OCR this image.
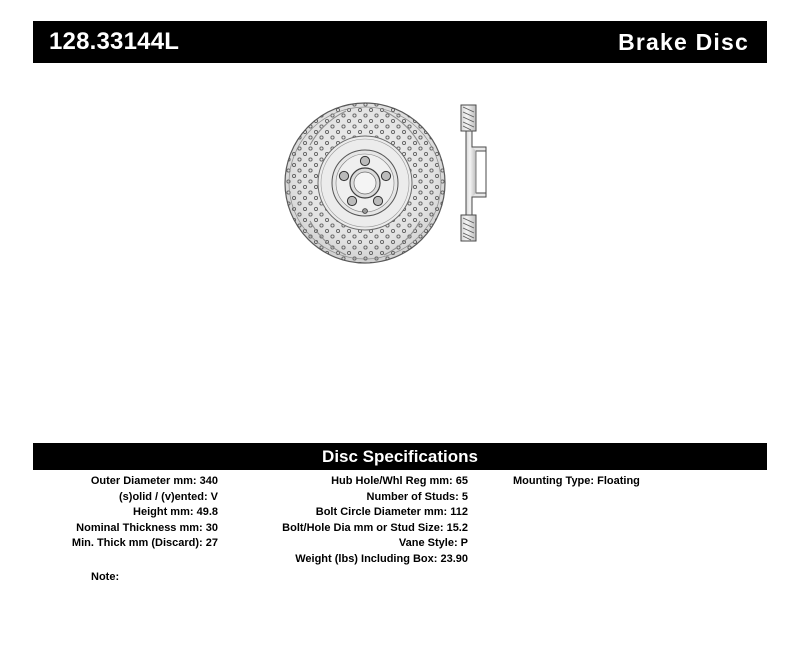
128.33144L	Brake Disc
Disc Specifications
Outer Diameter mm: 340
(s)olid / (v)ented: V
Height mm: 49.8
Nominal Thickness mm: 30
Min. Thick mm (Discard): 27
Hub Hole/Whl Reg mm: 65
Number of Studs: 5
Bolt Circle Diameter mm: 112
Bolt/Hole Dia mm or Stud Size: 15.2
Vane Style: P
Weight (lbs) Including Box: 23.90
Mounting Type: Floating
Note:
